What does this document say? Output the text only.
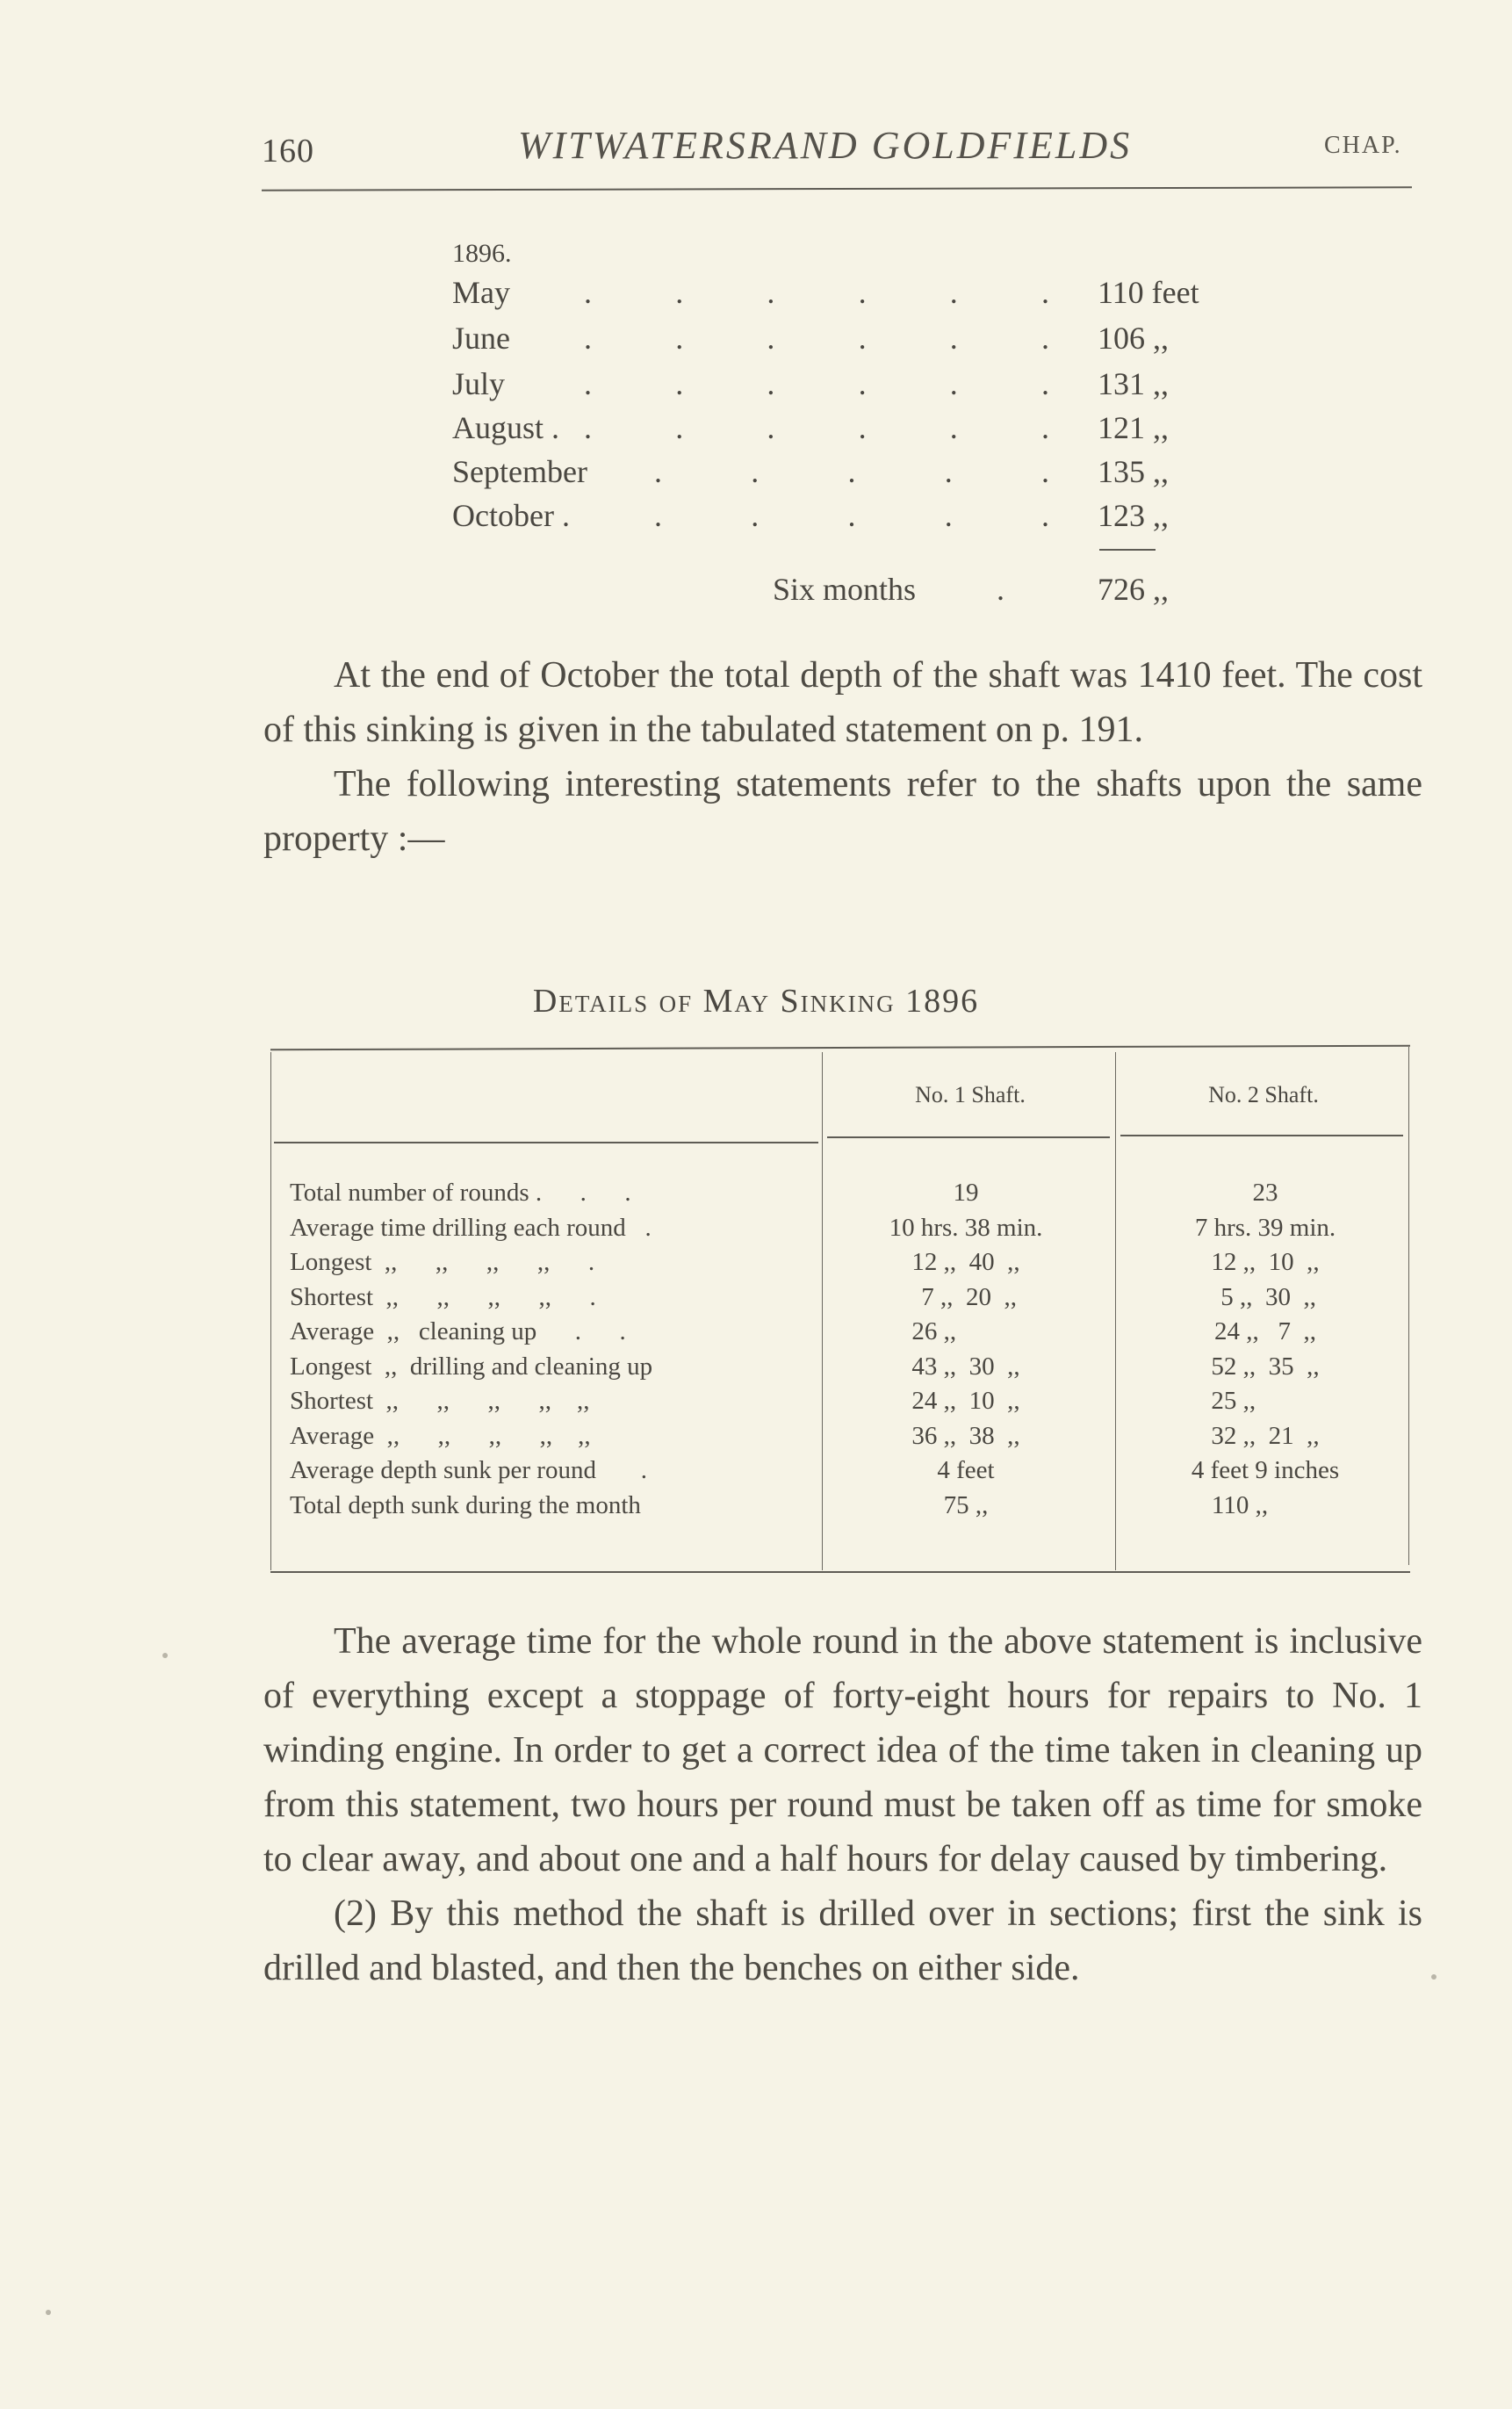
160	WITWATERSRAND GOLDFIELDS	CHAP.
1896.
May .	.	.	.	.	. 110 feet
June .	.	.	.	.	. 106 ,,
July .	.	.	.	.	. 131 ,,
August . .	.	.	.	.	. 121 ,,
September .	.	.	.	. 135 ,,
October .	.	.	.	.	. 123 ,,
Six months	.	726 ,,

At the end of October the total depth of the shaft was 1410 feet. The cost of this sinking is given in the tabulated statement on p. 191.

The following interesting statements refer to the shafts upon the same property :—

Details of May Sinking 1896
No. 1 Shaft.	No. 2 Shaft.
Total number of rounds .      .      .	19	23
Average time drilling each round   .	10 hrs. 38 min.	7 hrs. 39 min.
Longest  ,,      ,,      ,,      ,,      .	12 ,,  40  ,,	12 ,,  10  ,,
Shortest  ,,      ,,      ,,      ,,      .	7 ,,  20  ,,	5 ,,  30  ,,
Average  ,,   cleaning up      .      .	26 ,,	24 ,,   7  ,,
Longest  ,,  drilling and cleaning up	43 ,,  30  ,,	52 ,,  35  ,,
Shortest  ,,      ,,      ,,      ,,    ,,	24 ,,  10  ,,	25 ,,
Average  ,,      ,,      ,,      ,,    ,,	36 ,,  38  ,,	32 ,,  21  ,,
Average depth sunk per round       .	4 feet	4 feet 9 inches
Total depth sunk during the month	75 ,,	110 ,,

The average time for the whole round in the above statement is inclusive of everything except a stoppage of forty-eight hours for repairs to No. 1 winding engine. In order to get a correct idea of the time taken in cleaning up from this statement, two hours per round must be taken off as time for smoke to clear away, and about one and a half hours for delay caused by timbering.

(2) By this method the shaft is drilled over in sections; first the sink is drilled and blasted, and then the benches on either side.
